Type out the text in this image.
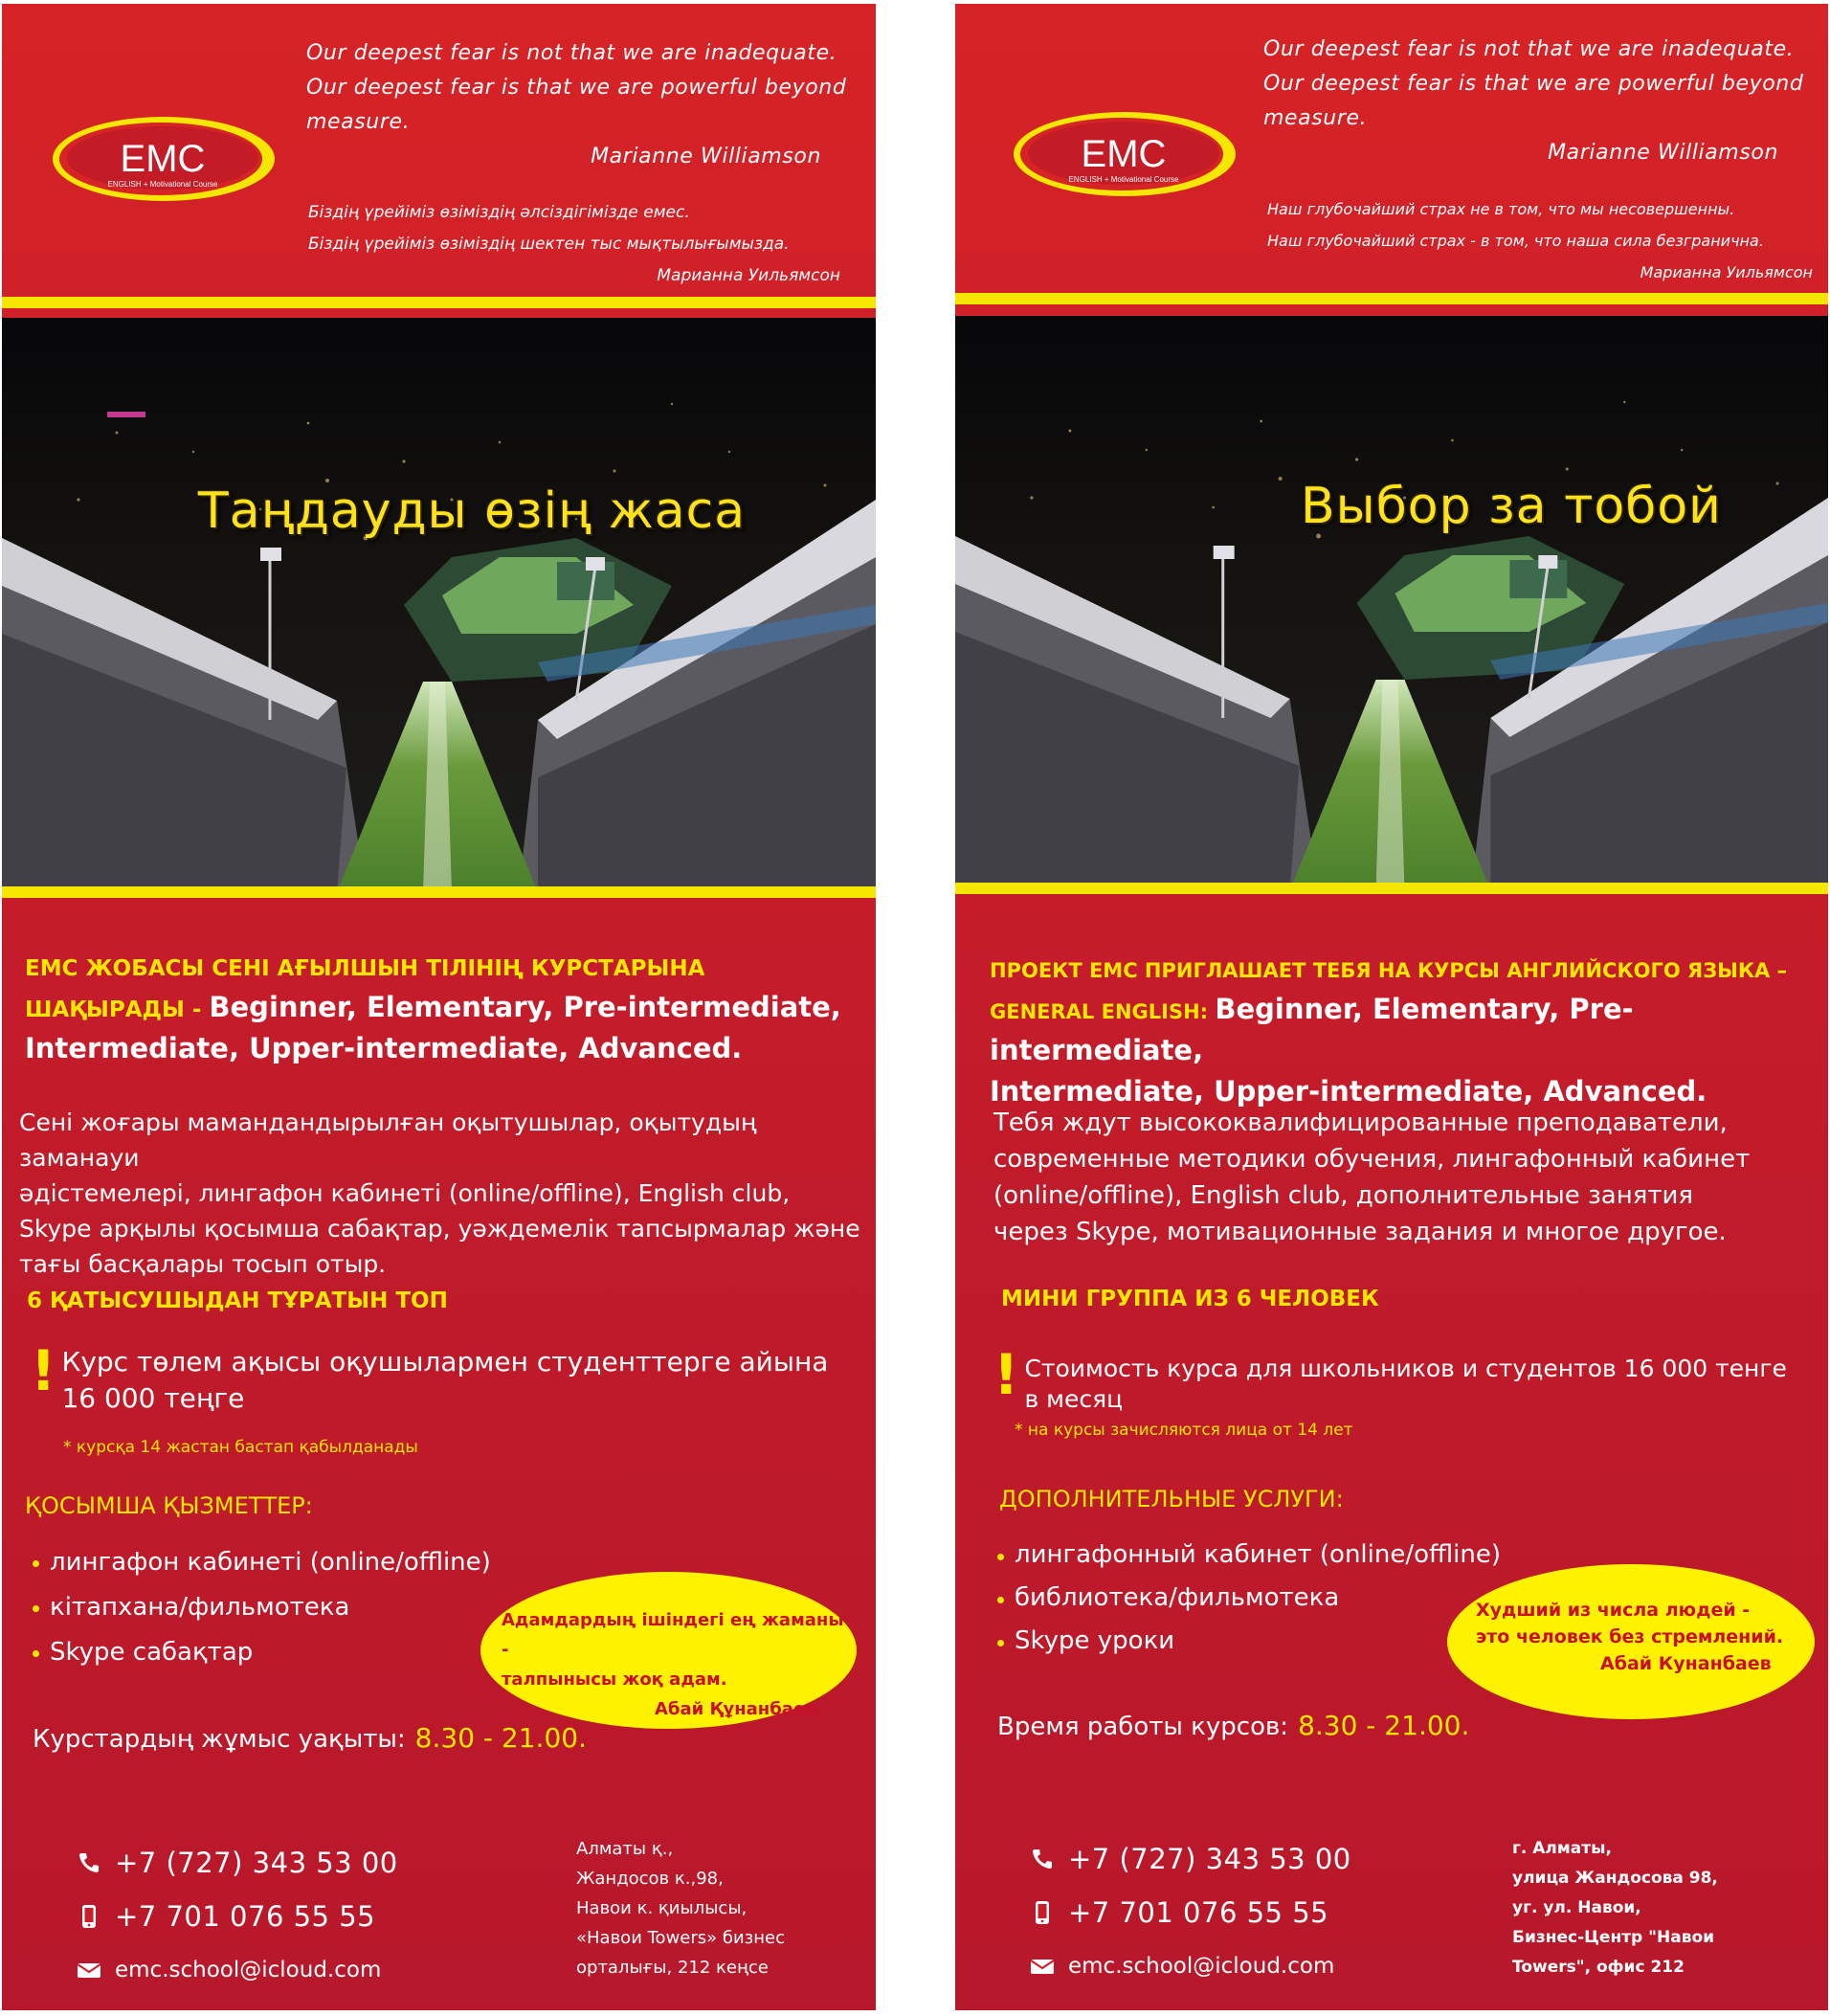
EMC
ENGLISH + Motivational Course
Our deepest fear is not that we are inadequate.
Our deepest fear is that we are powerful beyond
measure.
Marianne Williamson
Біздің үрейіміз өзіміздің әлсіздігімізде емес.
Біздің үрейіміз өзіміздің шектен тыс мықтылығымызда.
Марианна Уильямсон
Таңдауды өзің жаса
ЕМС ЖОБАСЫ СЕНІ АҒЫЛШЫН ТІЛІНІҢ КУРСТАРЫНА
ШАҚЫРАДЫ - Beginner, Elementary, Pre-intermediate,
Intermediate, Upper-intermediate, Advanced.
Сені жоғары мамандандырылған оқытушылар, оқытудың заманауи
әдістемелері, лингафон кабинеті (online/offline), English club,
Skype арқылы қосымша сабақтар, уәждемелік тапсырмалар және
тағы басқалары тосып отыр.
6 ҚАТЫСУШЫДАН ТҰРАТЫН ТОП
! Курс төлем ақысы оқушылармен студенттерге айына
16 000 теңге
* курсқа 14 жастан бастап қабылданады
ҚОСЫМША ҚЫЗМЕТТЕР:
лингафон кабинеті (online/offline)
кітапхана/фильмотека
Skype сабақтар
Адамдардың ішіндегі ең жаманы -
талпынысы жоқ адам.
Абай Құнанбаев.
Курстардың жұмыс уақыты: 8.30 - 21.00.
+7 (727) 343 53 00
+7 701 076 55 55
emc.school@icloud.com
Алматы қ.,
Жандосов к.,98,
Навои к. қиылысы,
«Навои Towers» бизнес
орталығы, 212 кеңсе
EMC
ENGLISH + Motivational Course
Our deepest fear is not that we are inadequate.
Our deepest fear is that we are powerful beyond
measure.
Marianne Williamson
Наш глубочайший страх не в том, что мы несовершенны.
Наш глубочайший страх - в том, что наша сила безгранична.
Марианна Уильямсон
Выбор за тобой
ПРОЕКТ ЕМС ПРИГЛАШАЕТ ТЕБЯ НА КУРСЫ АНГЛИЙСКОГО ЯЗЫКА –
GENERAL ENGLISH: Beginner, Elementary, Pre-intermediate,
Intermediate, Upper-intermediate, Advanced.
Тебя ждут высококвалифицированные преподаватели,
современные методики обучения, лингафонный кабинет
(online/offline), English club, дополнительные занятия
через Skype, мотивационные задания и многое другое.
МИНИ ГРУППА ИЗ 6 ЧЕЛОВЕК
! Стоимость курса для школьников и студентов 16 000 тенге
в месяц
* на курсы зачисляются лица от 14 лет
ДОПОЛНИТЕЛЬНЫЕ УСЛУГИ:
лингафонный кабинет (online/offline)
библиотека/фильмотека
Skype уроки
Худший из числа людей -
это человек без стремлений.
Абай Кунанбаев
Время работы курсов: 8.30 - 21.00.
+7 (727) 343 53 00
+7 701 076 55 55
emc.school@icloud.com
г. Алматы,
улица Жандосова 98,
уг. ул. Навои,
Бизнес-Центр "Навои
Towers", офис 212
